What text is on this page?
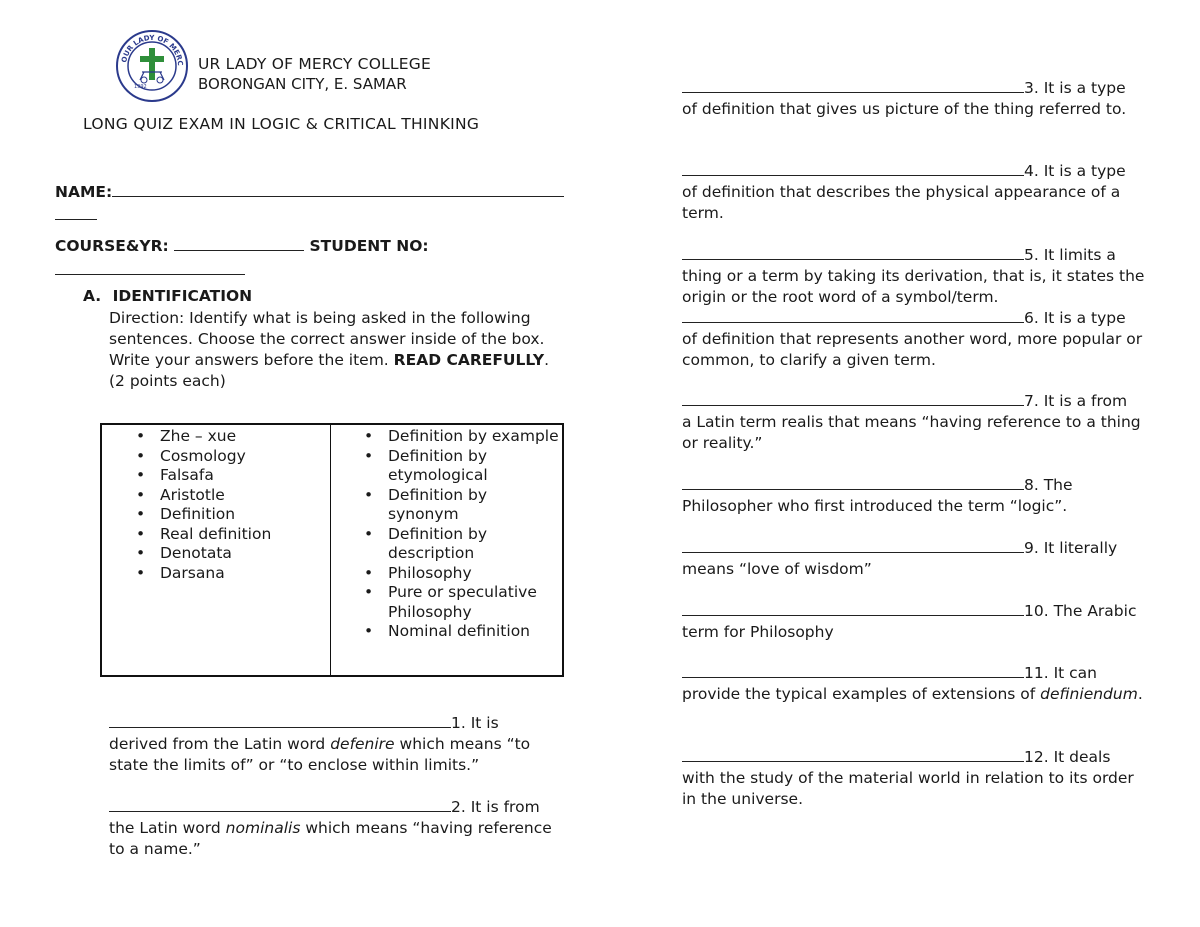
OUR LADY OF MERC
1992
UR LADY OF MERCY COLLEGE
BORONGAN CITY, E. SAMAR
LONG QUIZ EXAM IN LOGIC & CRITICAL THINKING
NAME:
COURSE&YR:	STUDENT NO:
A. IDENTIFICATION

Direction: Identify what is being asked in the following sentences. Choose the correct answer inside of the box. Write your answers before the item. READ CAREFULLY. (2 points each)

• Zhe – xue
• Cosmology
• Falsafa
• Aristotle
• Definition
• Real definition
• Denotata
• Darsana
• Definition by example
• Definition by etymological
• Definition by synonym
• Definition by description
• Philosophy
• Pure or speculative Philosophy
• Nominal definition

1. It is

derived from the Latin word defenire which means “to state the limits of” or “to enclose within limits.”

2. It is from

the Latin word nominalis which means “having reference to a name.”

3. It is a type

of definition that gives us picture of the thing referred to.

4. It is a type

of definition that describes the physical appearance of a term.

5. It limits a

thing or a term by taking its derivation, that is, it states the origin or the root word of a symbol/term.

6. It is a type

of definition that represents another word, more popular or common, to clarify a given term.

7. It is a from

a Latin term realis that means “having reference to a thing or reality.”

8. The

Philosopher who first introduced the term “logic”.

9. It literally

means “love of wisdom”

10. The Arabic

term for Philosophy

11. It can

provide the typical examples of extensions of definiendum.

12. It deals

with the study of the material world in relation to its order in the universe.
